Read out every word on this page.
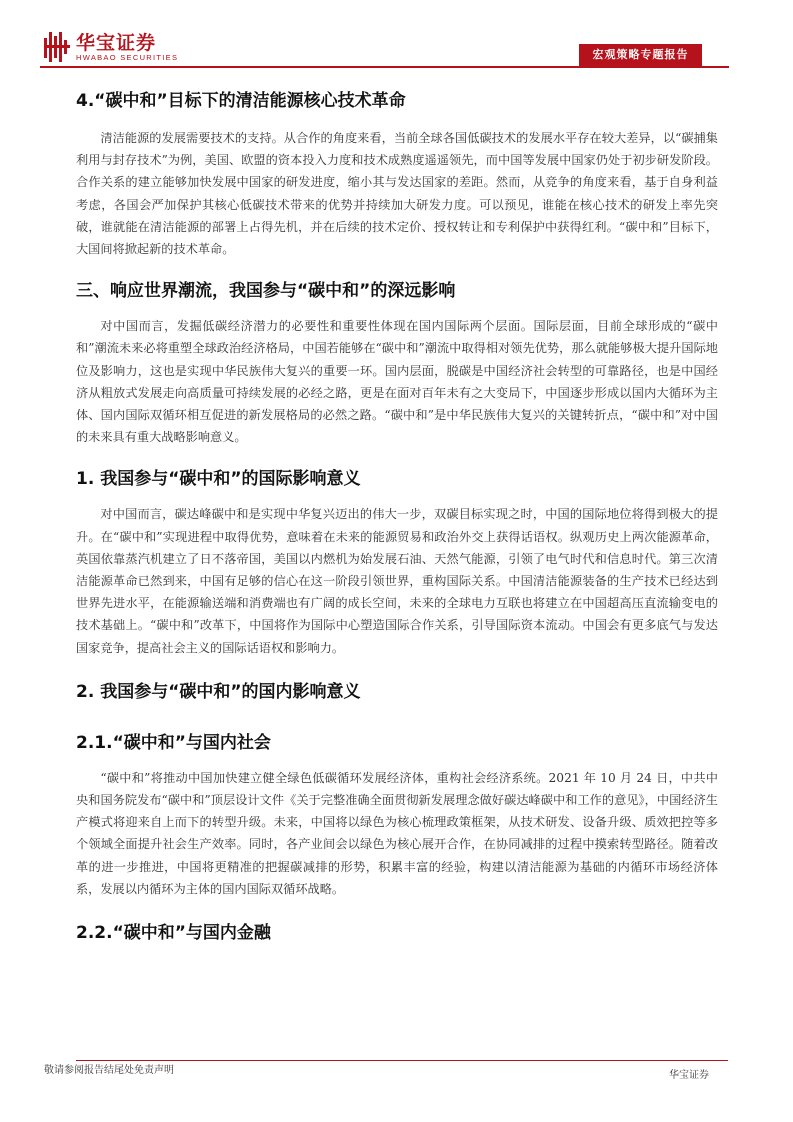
华宝证券
HWABAO SECURITIES	宏观策略专题报告
4.“碳中和”目标下的清洁能源核心技术革命

清洁能源的发展需要技术的支持。从合作的角度来看，当前全球各国低碳技术的发展水平存在较大差异，以“碳捕集利用与封存技术”为例，美国、欧盟的资本投入力度和技术成熟度遥遥领先，而中国等发展中国家仍处于初步研发阶段。合作关系的建立能够加快发展中国家的研发进度，缩小其与发达国家的差距。然而，从竞争的角度来看，基于自身利益考虑，各国会严加保护其核心低碳技术带来的优势并持续加大研发力度。可以预见，谁能在核心技术的研发上率先突破，谁就能在清洁能源的部署上占得先机，并在后续的技术定价、授权转让和专利保护中获得红利。“碳中和”目标下，大国间将掀起新的技术革命。

三、响应世界潮流，我国参与“碳中和”的深远影响

对中国而言，发掘低碳经济潜力的必要性和重要性体现在国内国际两个层面。国际层面，目前全球形成的“碳中和”潮流未来必将重塑全球政治经济格局，中国若能够在“碳中和”潮流中取得相对领先优势，那么就能够极大提升国际地位及影响力，这也是实现中华民族伟大复兴的重要一环。国内层面，脱碳是中国经济社会转型的可靠路径，也是中国经济从粗放式发展走向高质量可持续发展的必经之路，更是在面对百年未有之大变局下，中国逐步形成以国内大循环为主体、国内国际双循环相互促进的新发展格局的必然之路。“碳中和”是中华民族伟大复兴的关键转折点，“碳中和”对中国的未来具有重大战略影响意义。

1. 我国参与“碳中和”的国际影响意义

对中国而言，碳达峰碳中和是实现中华复兴迈出的伟大一步，双碳目标实现之时，中国的国际地位将得到极大的提升。在“碳中和”实现进程中取得优势，意味着在未来的能源贸易和政治外交上获得话语权。纵观历史上两次能源革命，英国依靠蒸汽机建立了日不落帝国，美国以内燃机为始发展石油、天然气能源，引领了电气时代和信息时代。第三次清洁能源革命已然到来，中国有足够的信心在这一阶段引领世界，重构国际关系。中国清洁能源装备的生产技术已经达到世界先进水平，在能源输送端和消费端也有广阔的成长空间，未来的全球电力互联也将建立在中国超高压直流输变电的技术基础上。“碳中和”改革下，中国将作为国际中心塑造国际合作关系，引导国际资本流动。中国会有更多底气与发达国家竞争，提高社会主义的国际话语权和影响力。

2. 我国参与“碳中和”的国内影响意义
2.1.“碳中和”与国内社会

“碳中和”将推动中国加快建立健全绿色低碳循环发展经济体，重构社会经济系统。2021 年 10 月 24 日，中共中央和国务院发布“碳中和”顶层设计文件《关于完整准确全面贯彻新发展理念做好碳达峰碳中和工作的意见》，中国经济生产模式将迎来自上而下的转型升级。未来，中国将以绿色为核心梳理政策框架，从技术研发、设备升级、质效把控等多个领域全面提升社会生产效率。同时，各产业间会以绿色为核心展开合作，在协同减排的过程中摸索转型路径。随着改革的进一步推进，中国将更精准的把握碳减排的形势，积累丰富的经验，构建以清洁能源为基础的内循环市场经济体系，发展以内循环为主体的国内国际双循环战略。

2.2.“碳中和”与国内金融
敬请参阅报告结尾处免责声明	华宝证券
